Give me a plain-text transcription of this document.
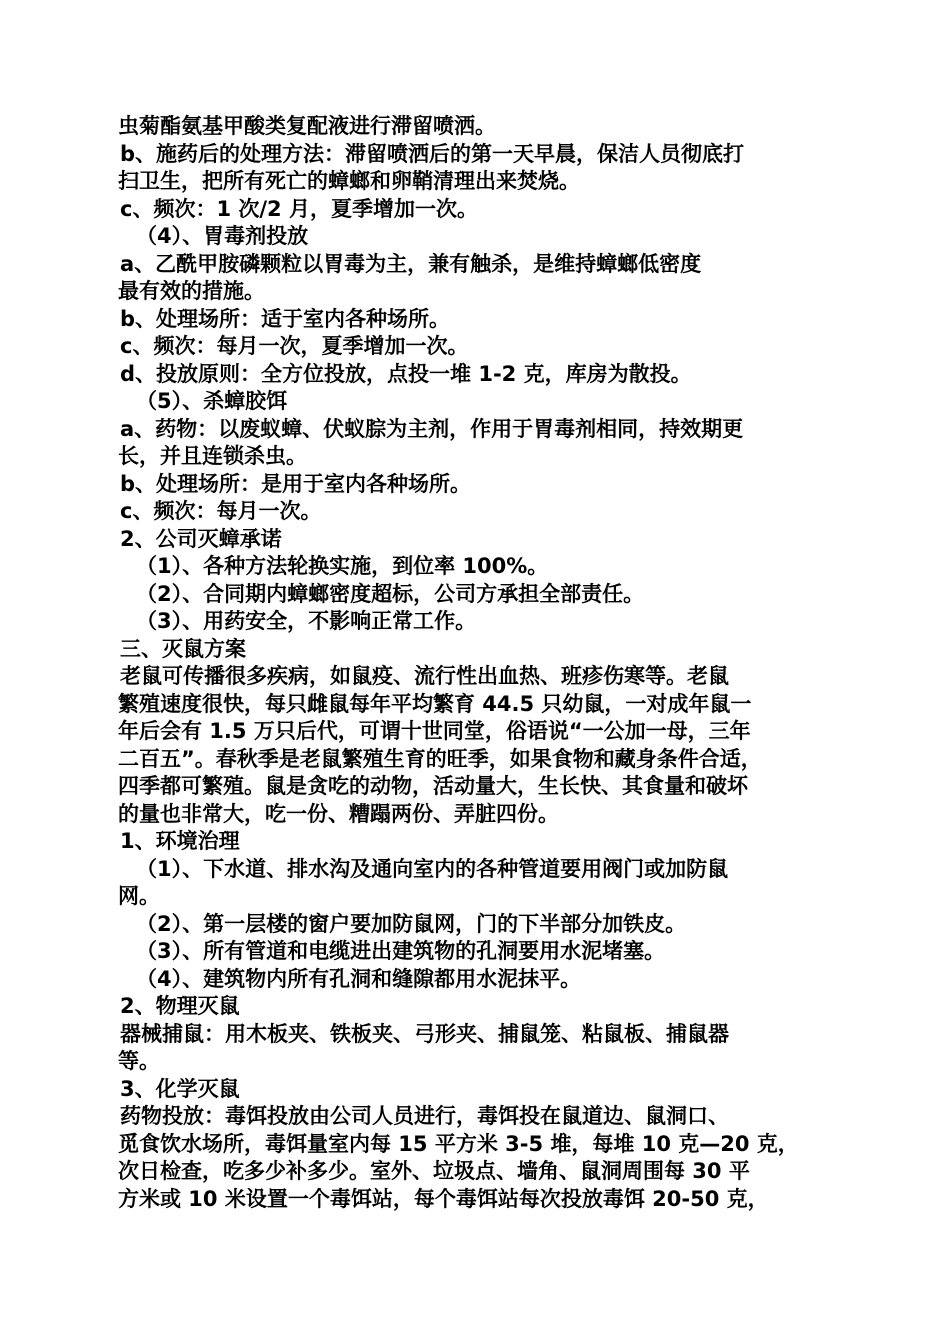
虫菊酯氨基甲酸类复配液进行滞留喷洒。
b、施药后的处理方法：滞留喷洒后的第一天早晨，保洁人员彻底打
扫卫生，把所有死亡的蟑螂和卵鞘清理出来焚烧。
c、频次：1 次/2 月，夏季增加一次。
（4）、胃毒剂投放
a、乙酰甲胺磷颗粒以胃毒为主，兼有触杀，是维持蟑螂低密度
最有效的措施。
b、处理场所：适于室内各种场所。
c、频次：每月一次，夏季增加一次。
d、投放原则：全方位投放，点投一堆 1-2 克，库房为散投。
（5）、杀蟑胶饵
a、药物：以废蚁蟑、伏蚁腙为主剂，作用于胃毒剂相同，持效期更
长，并且连锁杀虫。
b、处理场所：是用于室内各种场所。
c、频次：每月一次。
2、公司灭蟑承诺
（1）、各种方法轮换实施，到位率 100%。
（2）、合同期内蟑螂密度超标，公司方承担全部责任。
（3）、用药安全，不影响正常工作。
三、灭鼠方案
老鼠可传播很多疾病，如鼠疫、流行性出血热、班疹伤寒等。老鼠
繁殖速度很快，每只雌鼠每年平均繁育 44.5 只幼鼠，一对成年鼠一
年后会有 1.5 万只后代，可谓十世同堂，俗语说“一公加一母，三年
二百五”。春秋季是老鼠繁殖生育的旺季，如果食物和藏身条件合适，
四季都可繁殖。鼠是贪吃的动物，活动量大，生长快、其食量和破坏
的量也非常大，吃一份、糟蹋两份、弄脏四份。
1、环境治理
（1）、下水道、排水沟及通向室内的各种管道要用阀门或加防鼠
网。
（2）、第一层楼的窗户要加防鼠网，门的下半部分加铁皮。
（3）、所有管道和电缆进出建筑物的孔洞要用水泥堵塞。
（4）、建筑物内所有孔洞和缝隙都用水泥抹平。
2、物理灭鼠
器械捕鼠：用木板夹、铁板夹、弓形夹、捕鼠笼、粘鼠板、捕鼠器
等。
3、化学灭鼠
药物投放：毒饵投放由公司人员进行，毒饵投在鼠道边、鼠洞口、
觅食饮水场所，毒饵量室内每 15 平方米 3-5 堆，每堆 10 克—20 克，
次日检查，吃多少补多少。室外、垃圾点、墙角、鼠洞周围每 30 平
方米或 10 米设置一个毒饵站，每个毒饵站每次投放毒饵 20-50 克，
